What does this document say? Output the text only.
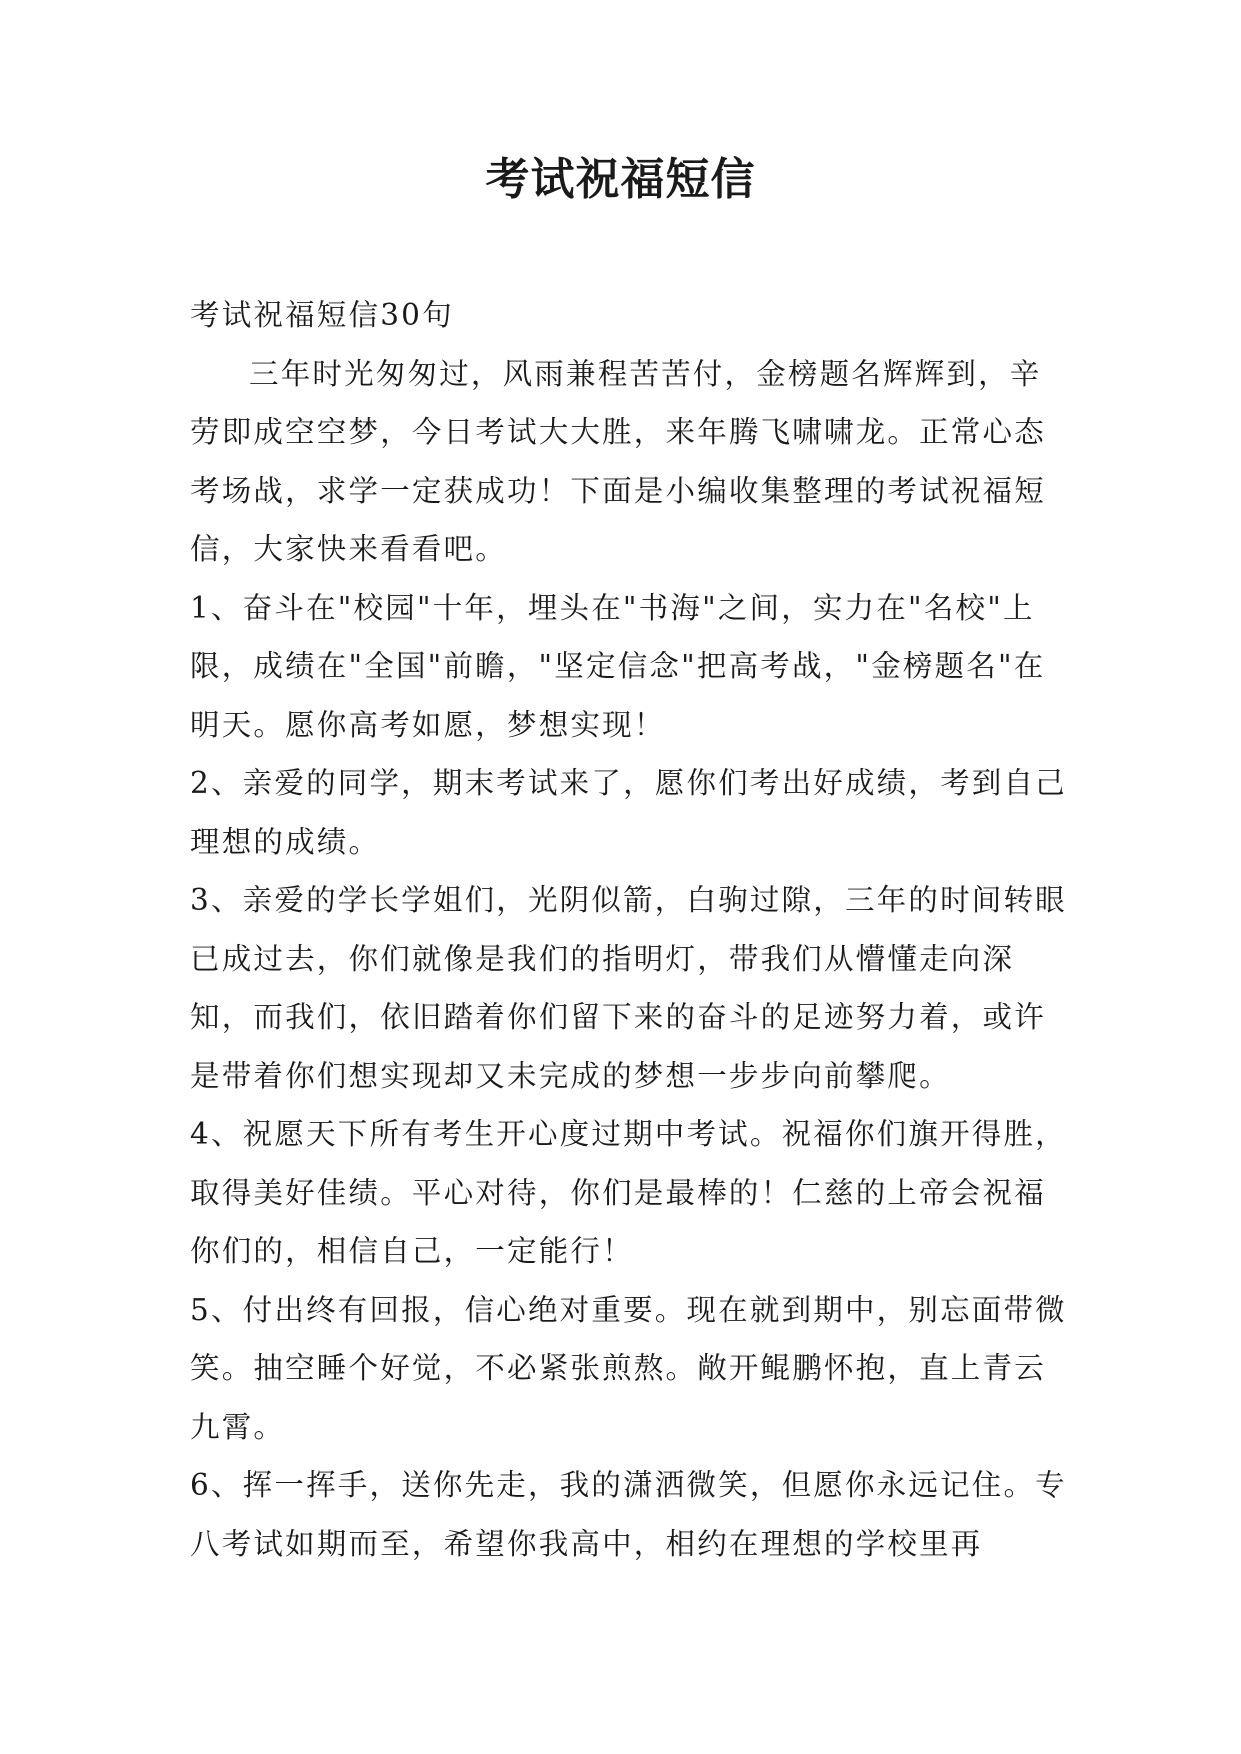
考试祝福短信

考试祝福短信30句

三年时光匆匆过，风雨兼程苦苦付，金榜题名辉辉到，辛劳即成空空梦，今日考试大大胜，来年腾飞啸啸龙。正常心态考场战，求学一定获成功！下面是小编收集整理的考试祝福短信，大家快来看看吧。

1、奋斗在"校园"十年，埋头在"书海"之间，实力在"名校"上限，成绩在"全国"前瞻，"坚定信念"把高考战，"金榜题名"在明天。愿你高考如愿，梦想实现！

2、亲爱的同学，期末考试来了，愿你们考出好成绩，考到自己理想的成绩。

3、亲爱的学长学姐们，光阴似箭，白驹过隙，三年的时间转眼已成过去，你们就像是我们的指明灯，带我们从懵懂走向深知，而我们，依旧踏着你们留下来的奋斗的足迹努力着，或许是带着你们想实现却又未完成的梦想一步步向前攀爬。

4、祝愿天下所有考生开心度过期中考试。祝福你们旗开得胜，取得美好佳绩。平心对待，你们是最棒的！仁慈的上帝会祝福你们的，相信自己，一定能行！

5、付出终有回报，信心绝对重要。现在就到期中，别忘面带微笑。抽空睡个好觉，不必紧张煎熬。敞开鲲鹏怀抱，直上青云九霄。

6、挥一挥手，送你先走，我的潇洒微笑，但愿你永远记住。专八考试如期而至，希望你我高中，相约在理想的学校里再
